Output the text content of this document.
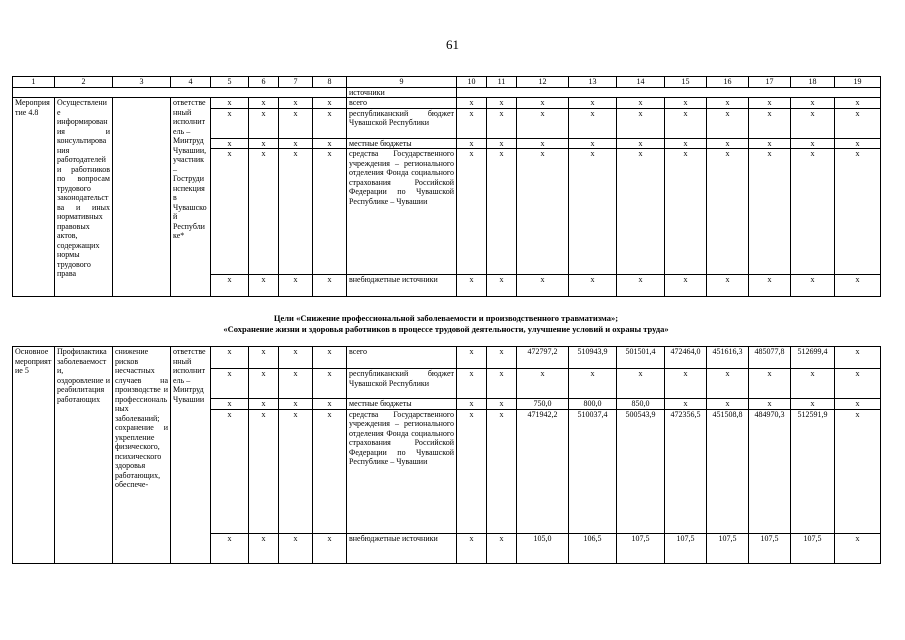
61
1	2	3	4	5	6	7	8	9	10	11	12	13	14	15	16	17	18	19
								источники										
Мероприятие 4.8	Осуществление информирования и консультирования работодателей и работников по вопросам трудового законодательства и иных нормативных правовых актов, содержащих нормы трудового права		ответственный исполнитель – Минтруд Чувашии, участник – Гострудинспекция в Чувашской Республике*	x	x	x	x	всего	x	x	x	x	x	x	x	x	x	x
				x	x	x	x	республиканский бюджет Чувашской Республики	x	x	x	x	x	x	x	x	x	x
				x	x	x	x	местные бюджеты	x	x	x	x	x	x	x	x	x	x
				x	x	x	x	средства Государственного учреждения – регионального отделения Фонда социального страхования Российской Федерации по Чувашской Республике – Чувашии	x	x	x	x	x	x	x	x	x	x
				x	x	x	x	внебюджетные источники	x	x	x	x	x	x	x	x	x	x
Цели «Снижение профессиональной заболеваемости и производственного травматизма»;
«Сохранение жизни и здоровья работников в процессе трудовой деятельности, улучшение условий и охраны труда»
Основное мероприятие 5	Профилактика заболеваемости, оздоровление и реабилитация работающих	снижение рисков несчастных случаев на производстве и профессиональных заболеваний; сохранение и укрепление физического, психического здоровья работающих, обеспече-	ответственный исполнитель – Минтруд Чувашии	x	x	x	x	всего	x	x	472797,2	510943,9	501501,4	472464,0	451616,3	485077,8	512699,4	x
				x	x	x	x	республиканский бюджет Чувашской Республики	x	x	x	x	x	x	x	x	x	x
				x	x	x	x	местные бюджеты	x	x	750,0	800,0	850,0	x	x	x	x	x
				x	x	x	x	средства Государственного учреждения – регионального отделения Фонда социального страхования Российской Федерации по Чувашской Республике – Чувашии	x	x	471942,2	510037,4	500543,9	472356,5	451508,8	484970,3	512591,9	x
				x	x	x	x	внебюджетные источники	x	x	105,0	106,5	107,5	107,5	107,5	107,5	107,5	x
